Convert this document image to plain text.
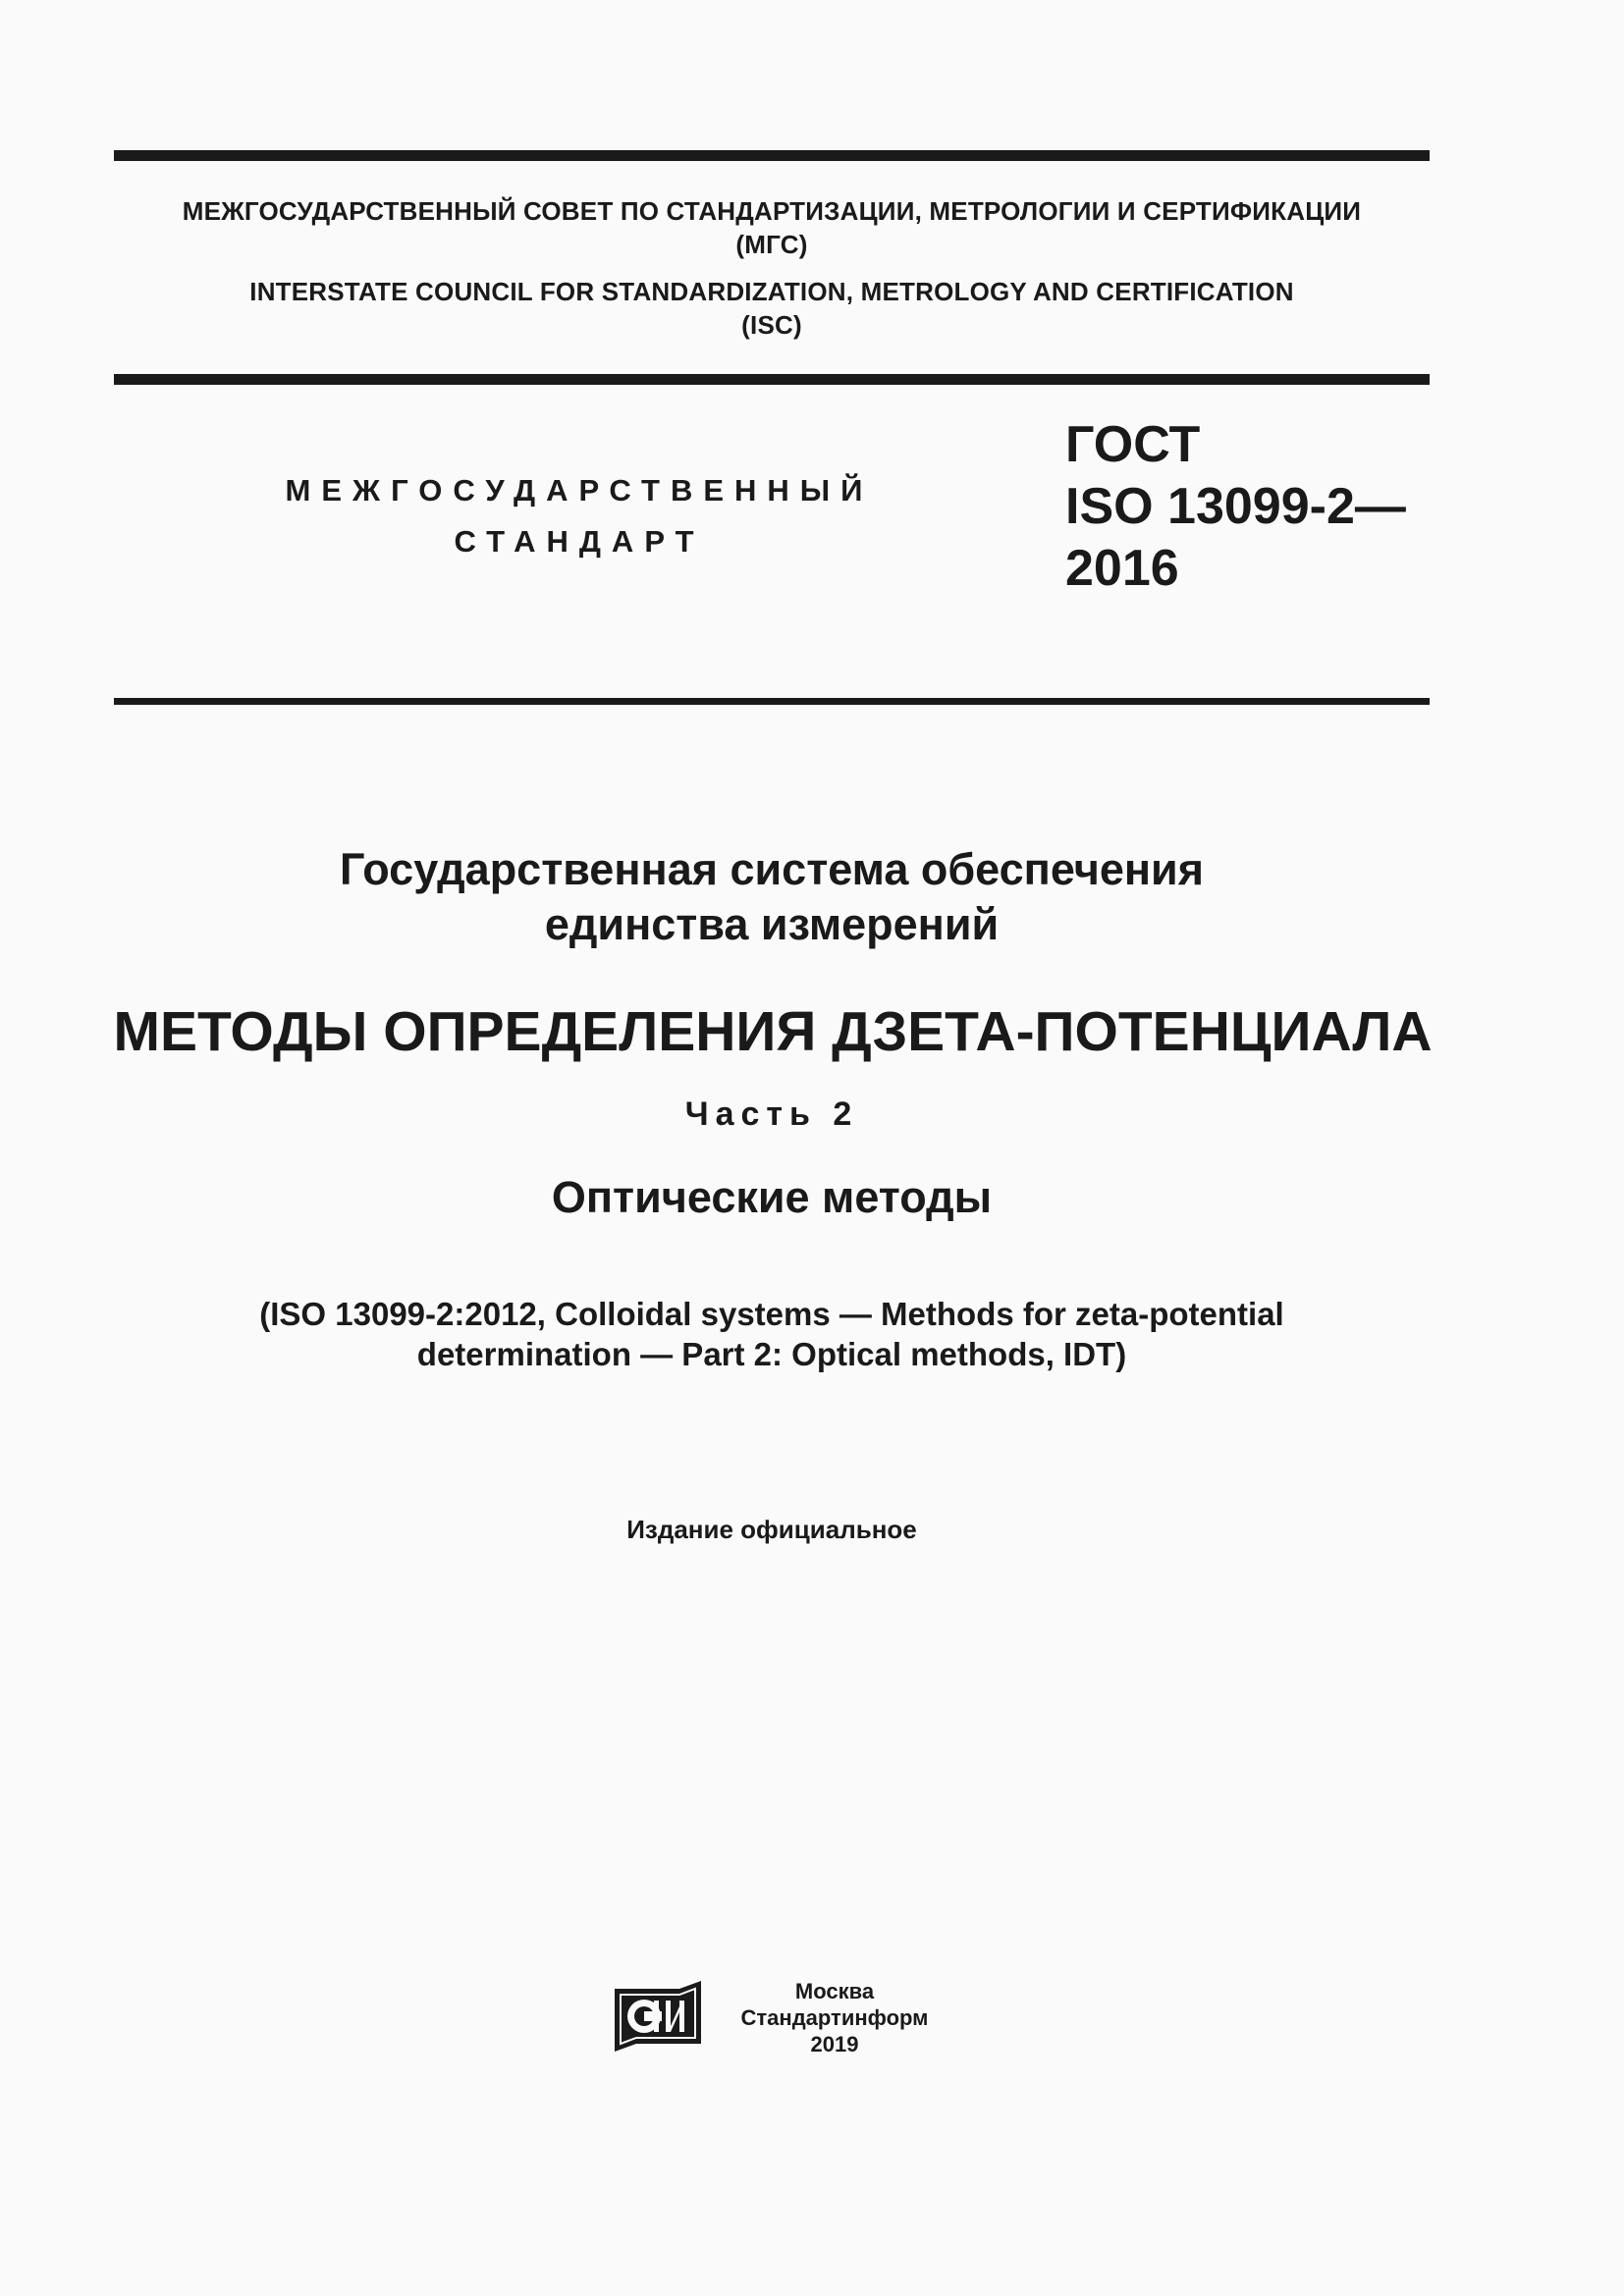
МЕЖГОСУДАРСТВЕННЫЙ СОВЕТ ПО СТАНДАРТИЗАЦИИ, МЕТРОЛОГИИ И СЕРТИФИКАЦИИ
(МГС)
INTERSTATE COUNCIL FOR STANDARDIZATION, METROLOGY AND CERTIFICATION
(ISC)
МЕЖГОСУДАРСТВЕННЫЙ
СТАНДАРТ
ГОСТ
ISO 13099-2—
2016
Государственная система обеспечения
единства измерений
МЕТОДЫ ОПРЕДЕЛЕНИЯ ДЗЕТА-ПОТЕНЦИАЛА
Часть 2
Оптические методы
(ISO 13099-2:2012, Colloidal systems — Methods for zeta-potential
determination — Part 2: Optical methods, IDT)
Издание официальное
Москва
Стандартинформ
2019
